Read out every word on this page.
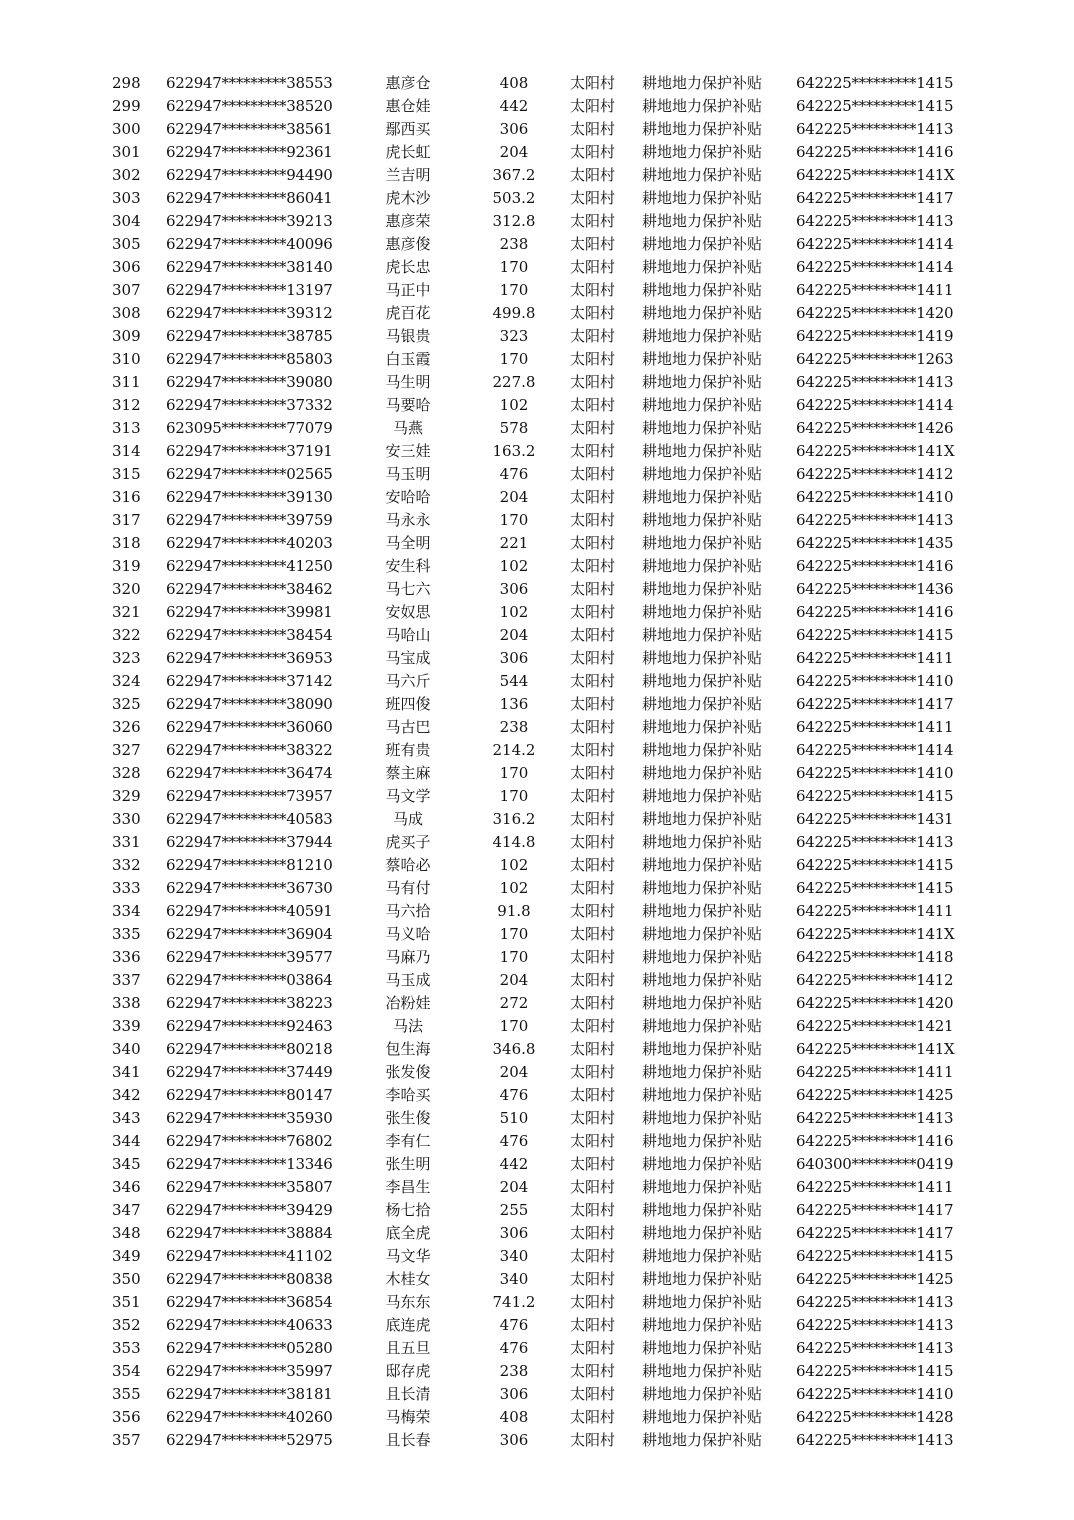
298 622947*********38553	惠彦仓	408	太阳村	耕地地力保护补贴	642225*********1415
299 622947*********38520	惠仓娃	442	太阳村	耕地地力保护补贴	642225*********1415
300 622947*********38561	鄢西买	306	太阳村	耕地地力保护补贴	642225*********1413
301 622947*********92361	虎长虹	204	太阳村	耕地地力保护补贴	642225*********1416
302 622947*********94490	兰吉明	367.2	太阳村	耕地地力保护补贴	642225*********141X
303 622947*********86041	虎木沙	503.2	太阳村	耕地地力保护补贴	642225*********1417
304 622947*********39213	惠彦荣	312.8	太阳村	耕地地力保护补贴	642225*********1413
305 622947*********40096	惠彦俊	238	太阳村	耕地地力保护补贴	642225*********1414
306 622947*********38140	虎长忠	170	太阳村	耕地地力保护补贴	642225*********1414
307 622947*********13197	马正中	170	太阳村	耕地地力保护补贴	642225*********1411
308 622947*********39312	虎百花	499.8	太阳村	耕地地力保护补贴	642225*********1420
309 622947*********38785	马银贵	323	太阳村	耕地地力保护补贴	642225*********1419
310 622947*********85803	白玉霞	170	太阳村	耕地地力保护补贴	642225*********1263
311 622947*********39080	马生明	227.8	太阳村	耕地地力保护补贴	642225*********1413
312 622947*********37332	马要哈	102	太阳村	耕地地力保护补贴	642225*********1414
313 623095*********77079	马燕	578	太阳村	耕地地力保护补贴	642225*********1426
314 622947*********37191	安三娃	163.2	太阳村	耕地地力保护补贴	642225*********141X
315 622947*********02565	马玉明	476	太阳村	耕地地力保护补贴	642225*********1412
316 622947*********39130	安哈哈	204	太阳村	耕地地力保护补贴	642225*********1410
317 622947*********39759	马永永	170	太阳村	耕地地力保护补贴	642225*********1413
318 622947*********40203	马全明	221	太阳村	耕地地力保护补贴	642225*********1435
319 622947*********41250	安生科	102	太阳村	耕地地力保护补贴	642225*********1416
320 622947*********38462	马七六	306	太阳村	耕地地力保护补贴	642225*********1436
321 622947*********39981	安奴思	102	太阳村	耕地地力保护补贴	642225*********1416
322 622947*********38454	马哈山	204	太阳村	耕地地力保护补贴	642225*********1415
323 622947*********36953	马宝成	306	太阳村	耕地地力保护补贴	642225*********1411
324 622947*********37142	马六斤	544	太阳村	耕地地力保护补贴	642225*********1410
325 622947*********38090	班四俊	136	太阳村	耕地地力保护补贴	642225*********1417
326 622947*********36060	马古巴	238	太阳村	耕地地力保护补贴	642225*********1411
327 622947*********38322	班有贵	214.2	太阳村	耕地地力保护补贴	642225*********1414
328 622947*********36474	蔡主麻	170	太阳村	耕地地力保护补贴	642225*********1410
329 622947*********73957	马文学	170	太阳村	耕地地力保护补贴	642225*********1415
330 622947*********40583	马成	316.2	太阳村	耕地地力保护补贴	642225*********1431
331 622947*********37944	虎买子	414.8	太阳村	耕地地力保护补贴	642225*********1413
332 622947*********81210	蔡哈必	102	太阳村	耕地地力保护补贴	642225*********1415
333 622947*********36730	马有付	102	太阳村	耕地地力保护补贴	642225*********1415
334 622947*********40591	马六拾	91.8	太阳村	耕地地力保护补贴	642225*********1411
335 622947*********36904	马义哈	170	太阳村	耕地地力保护补贴	642225*********141X
336 622947*********39577	马麻乃	170	太阳村	耕地地力保护补贴	642225*********1418
337 622947*********03864	马玉成	204	太阳村	耕地地力保护补贴	642225*********1412
338 622947*********38223	冶粉娃	272	太阳村	耕地地力保护补贴	642225*********1420
339 622947*********92463	马法	170	太阳村	耕地地力保护补贴	642225*********1421
340 622947*********80218	包生海	346.8	太阳村	耕地地力保护补贴	642225*********141X
341 622947*********37449	张发俊	204	太阳村	耕地地力保护补贴	642225*********1411
342 622947*********80147	李哈买	476	太阳村	耕地地力保护补贴	642225*********1425
343 622947*********35930	张生俊	510	太阳村	耕地地力保护补贴	642225*********1413
344 622947*********76802	李有仁	476	太阳村	耕地地力保护补贴	642225*********1416
345 622947*********13346	张生明	442	太阳村	耕地地力保护补贴	640300*********0419
346 622947*********35807	李昌生	204	太阳村	耕地地力保护补贴	642225*********1411
347 622947*********39429	杨七拾	255	太阳村	耕地地力保护补贴	642225*********1417
348 622947*********38884	底全虎	306	太阳村	耕地地力保护补贴	642225*********1417
349 622947*********41102	马文华	340	太阳村	耕地地力保护补贴	642225*********1415
350 622947*********80838	木桂女	340	太阳村	耕地地力保护补贴	642225*********1425
351 622947*********36854	马东东	741.2	太阳村	耕地地力保护补贴	642225*********1413
352 622947*********40633	底连虎	476	太阳村	耕地地力保护补贴	642225*********1413
353 622947*********05280	且五旦	476	太阳村	耕地地力保护补贴	642225*********1413
354 622947*********35997	邸存虎	238	太阳村	耕地地力保护补贴	642225*********1415
355 622947*********38181	且长清	306	太阳村	耕地地力保护补贴	642225*********1410
356 622947*********40260	马梅荣	408	太阳村	耕地地力保护补贴	642225*********1428
357 622947*********52975	且长春	306	太阳村	耕地地力保护补贴	642225*********1413
